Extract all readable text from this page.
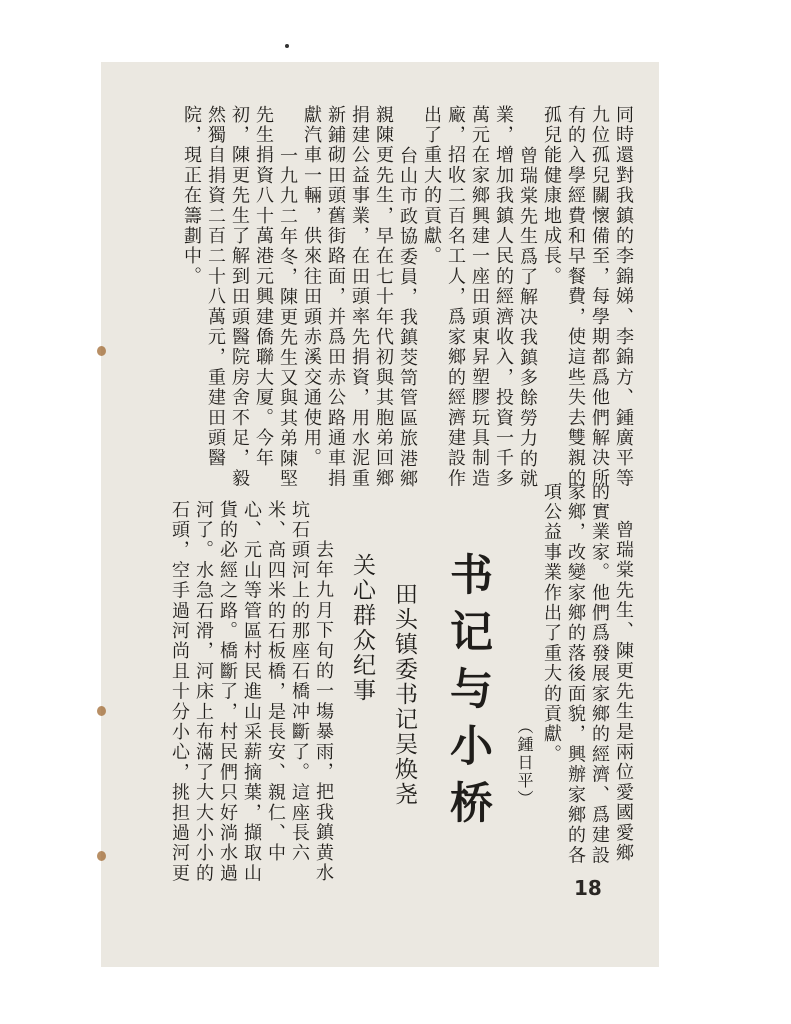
同時還對我鎮的李錦娣、李錦方、鍾廣平等
九位孤兒關懷備至，每學期都爲他們解决所
有的入學經費和早餐費，使這些失去雙親的
孤兒能健康地成長。
曾瑞棠先生爲了解决我鎮多餘勞力的就
業，增加我鎮人民的經濟收入，投資一千多
萬元在家鄉興建一座田頭東昇塑膠玩具制造
廠，招收二百名工人，爲家鄉的經濟建設作
出了重大的貢獻。
台山市政協委員，我鎮茭笥管區旅港鄉
親陳更先生，早在七十年代初與其胞弟回鄉
捐建公益事業，在田頭率先捐資，用水泥重
新鋪砌田頭舊街路面，并爲田赤公路通車捐
獻汽車一輛，供來往田頭赤溪交通使用。
一九九二年冬，陳更先生又與其弟陳堅
先生捐資八十萬港元興建僑聯大厦。今年
初，陳更先生了解到田頭醫院房舍不足，毅
然獨自捐資二百二十八萬元，重建田頭醫
院，現正在籌劃中。
曾瑞棠先生、陳更先生是兩位愛國愛鄉
的實業家。他們爲發展家鄉的經濟、爲建設
家鄉，改變家鄉的落後面貌，興辦家鄉的各
項公益事業作出了重大的貢獻。
（鍾日平）
书记与小桥
田头镇委书记吴焕尧
关心群众纪事
去年九月下旬的一塲暴雨，把我鎮黄水
坑石頭河上的那座石橋冲斷了。這座長六
米、高四米的石板橋，是長安、親仁、中
心、元山等管區村民進山采薪摘葉，擷取山
貨的必經之路。橋斷了，村民們只好淌水過
河了。水急石滑，河床上布滿了大大小小的
石頭，空手過河尚且十分小心，挑担過河更
18
